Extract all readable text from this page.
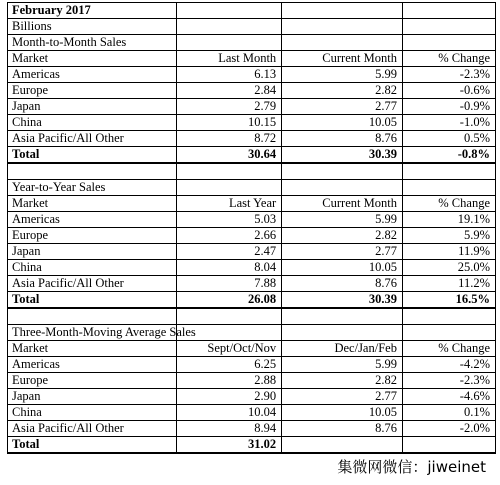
February 2017			
Billions			
Month-to-Month Sales			
Market	Last Month	Current Month	% Change
Americas	6.13	5.99	-2.3%
Europe	2.84	2.82	-0.6%
Japan	2.79	2.77	-0.9%
China	10.15	10.05	-1.0%
Asia Pacific/All Other	8.72	8.76	0.5%
Total	30.64	30.39	-0.8%

Year-to-Year Sales			
Market	Last Year	Current Month	% Change
Americas	5.03	5.99	19.1%
Europe	2.66	2.82	5.9%
Japan	2.47	2.77	11.9%
China	8.04	10.05	25.0%
Asia Pacific/All Other	7.88	8.76	11.2%
Total	26.08	30.39	16.5%

Three-Month-Moving Average Sales			
Market	Sept/Oct/Nov	Dec/Jan/Feb	% Change
Americas	6.25	5.99	-4.2%
Europe	2.88	2.82	-2.3%
Japan	2.90	2.77	-4.6%
China	10.04	10.05	0.1%
Asia Pacific/All Other	8.94	8.76	-2.0%
Total	31.02		
集微网微信：jiweinet
